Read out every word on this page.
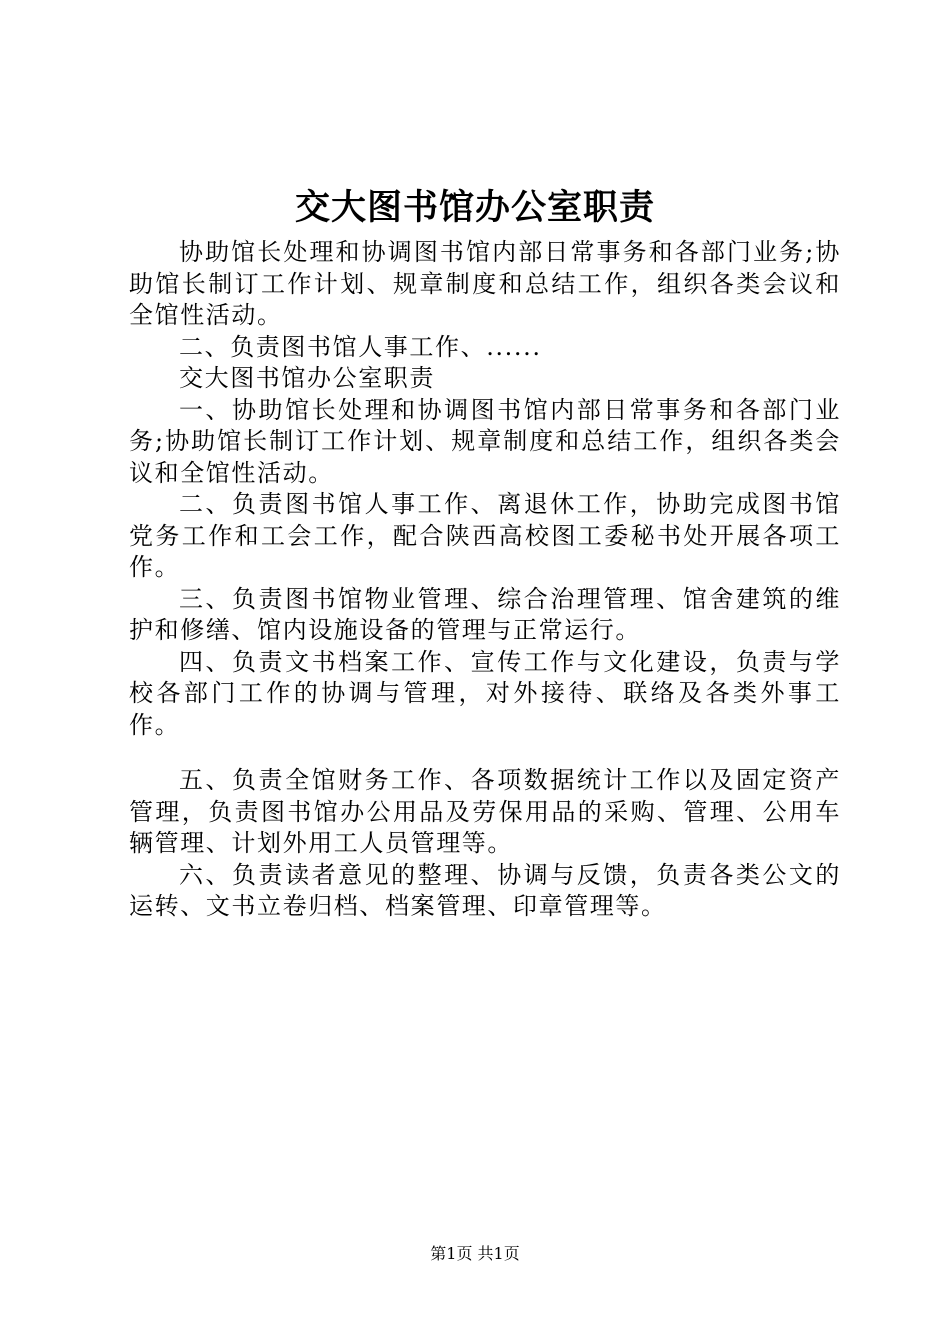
交大图书馆办公室职责

协助馆长处理和协调图书馆内部日常事务和各部门业务;协助馆长制订工作计划、规章制度和总结工作，组织各类会议和全馆性活动。

二、负责图书馆人事工作、......

交大图书馆办公室职责

一、协助馆长处理和协调图书馆内部日常事务和各部门业务;协助馆长制订工作计划、规章制度和总结工作，组织各类会议和全馆性活动。

二、负责图书馆人事工作、离退休工作，协助完成图书馆党务工作和工会工作，配合陕西高校图工委秘书处开展各项工作。

三、负责图书馆物业管理、综合治理管理、馆舍建筑的维护和修缮、馆内设施设备的管理与正常运行。

四、负责文书档案工作、宣传工作与文化建设，负责与学校各部门工作的协调与管理，对外接待、联络及各类外事工作。

五、负责全馆财务工作、各项数据统计工作以及固定资产管理，负责图书馆办公用品及劳保用品的采购、管理、公用车辆管理、计划外用工人员管理等。

六、负责读者意见的整理、协调与反馈，负责各类公文的运转、文书立卷归档、档案管理、印章管理等。

第1页 共1页
